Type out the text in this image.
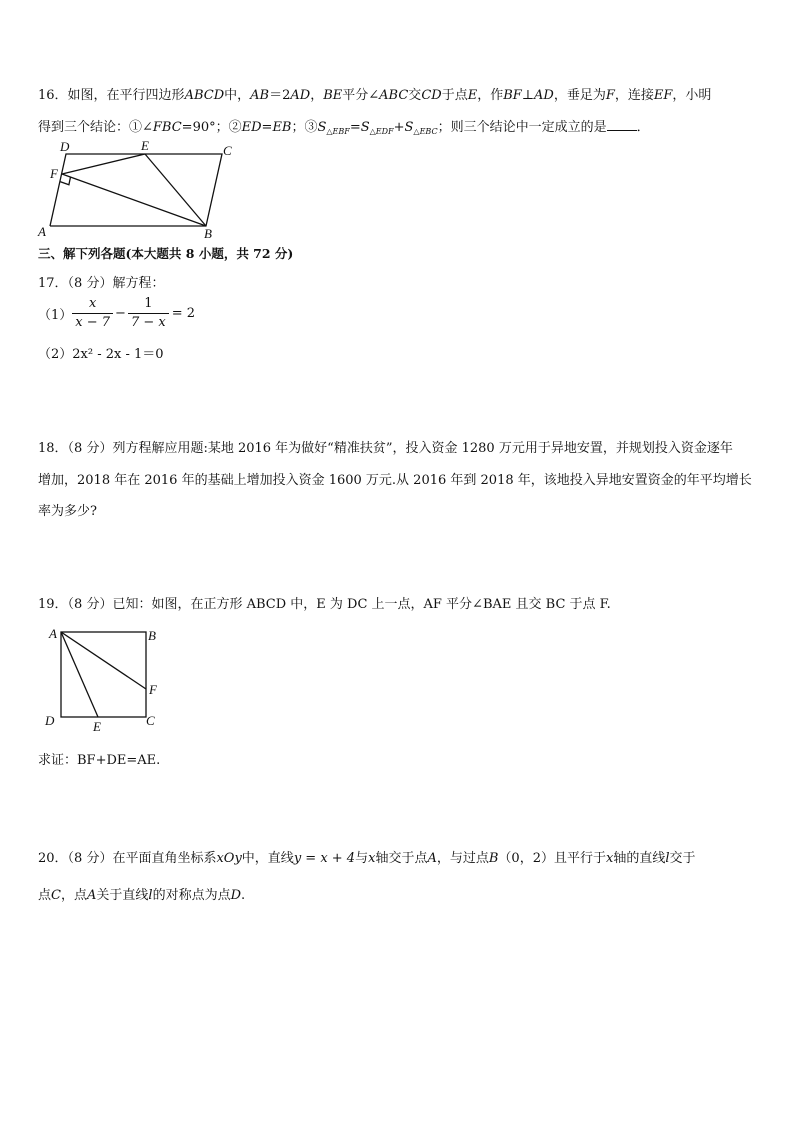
16．如图，在平行四边形ABCD中，AB＝2AD，BE平分∠ABC交CD于点E，作BF⊥AD，垂足为F，连接EF，小明
得到三个结论：①∠FBC=90°；②ED=EB；$③S_{\triangle EBF}=S_{\triangle EDF}+S_{\triangle EBC}$；则三个结论中一定成立的是 ．
D	E	C
F
A	B
三、解下列各题(本大题共 8 小题，共 72 分)
17．（8 分）解方程：
$(1) \frac{x}{x - 7} - \frac{1}{7 - x} = 2$
（2）2x² - 2x - 1＝0
18．（8 分）列方程解应用题:某地 2016 年为做好“精准扶贫”，投入资金 1280 万元用于异地安置，并规划投入资金逐年
增加，2018 年在 2016 年的基础上增加投入资金 1600 万元.从 2016 年到 2018 年，该地投入异地安置资金的年平均增长
率为多少?
19．（8 分）已知：如图，在正方形 ABCD 中，E 为 DC 上一点，AF 平分∠BAE 且交 BC 于点 F.
A	B
F
D	E	C
求证：BF+DE=AE.
20．（8 分）在平面直角坐标系xOy中，直线y = x + 4与x轴交于点A，与过点B（0，2）且平行于x轴的直线l交于
点C，点A关于直线l的对称点为点D.
